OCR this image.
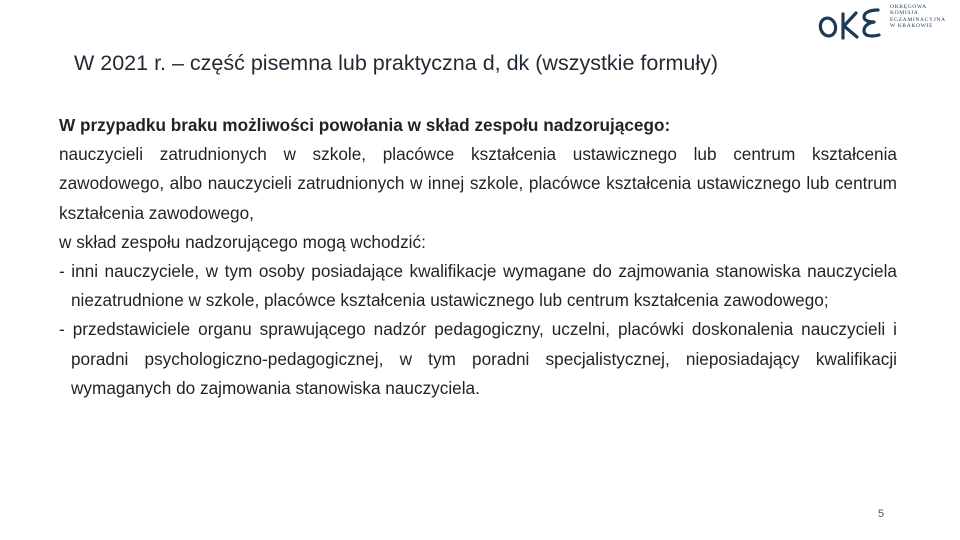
OKRĘGOWA
KOMISJA
EGZAMINACYJNA
W KRAKOWIE
W 2021 r. – część pisemna lub praktyczna d, dk (wszystkie formuły)

W przypadku braku możliwości powołania w skład zespołu nadzorującego:

nauczycieli zatrudnionych w szkole, placówce kształcenia ustawicznego lub centrum kształcenia zawodowego, albo nauczycieli zatrudnionych w innej szkole, placówce kształcenia ustawicznego lub centrum kształcenia zawodowego,

w skład zespołu nadzorującego mogą wchodzić:

- inni nauczyciele, w tym osoby posiadające kwalifikacje wymagane do zajmowania stanowiska nauczyciela niezatrudnione w szkole, placówce kształcenia ustawicznego lub centrum kształcenia zawodowego;

- przedstawiciele organu sprawującego nadzór pedagogiczny, uczelni, placówki doskonalenia nauczycieli i poradni psychologiczno-pedagogicznej, w tym poradni specjalistycznej, nieposiadający kwalifikacji wymaganych do zajmowania stanowiska nauczyciela.

5
